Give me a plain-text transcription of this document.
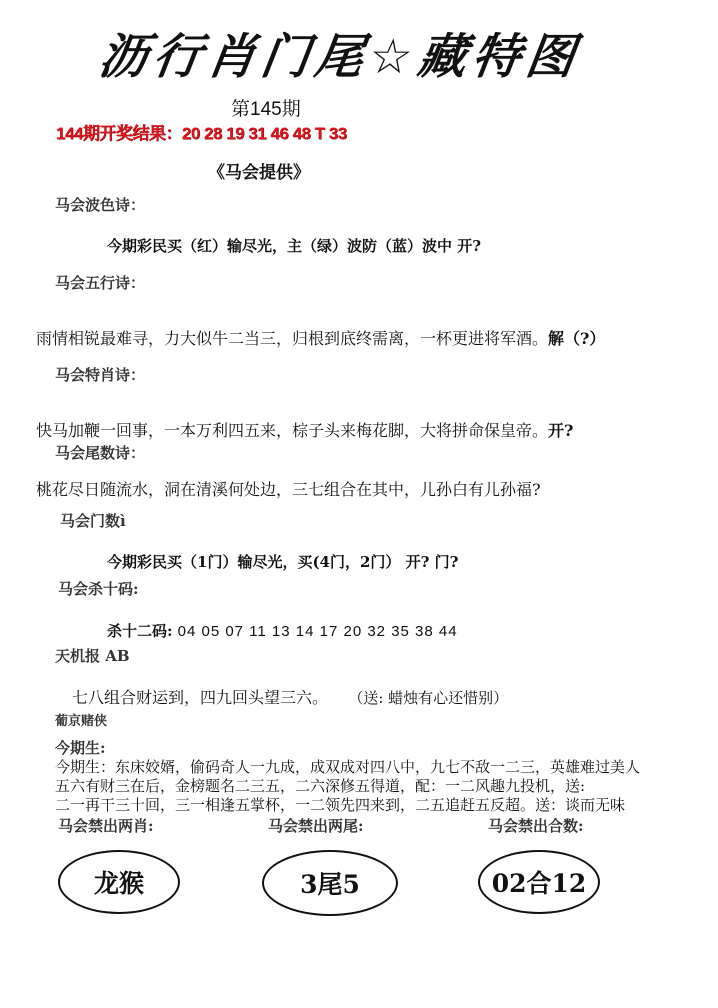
沥行肖门尾☆藏特图
第145期
144期开奖结果：20 28 19 31 46 48 T 33
《马会提供》
马会波色诗：
今期彩民买（红）输尽光，主（绿）波防（蓝）波中 开?
马会五行诗：
雨情相锐最难寻，力大似牛二当三，归根到底终需离，一杯更进将军酒。解（?）
马会特肖诗：
快马加鞭一回事，一本万利四五来，棕子头来梅花脚，大将拼命保皇帝。开?
马会尾数诗：
桃花尽日随流水，洞在清溪何处边，三七组合在其中，儿孙白有儿孙福?
马会门数ì
今期彩民买（1门）输尽光，买(4门，2门） 开? 门?
马会杀十码:
杀十二码: 04 05 07 11 13 14 17 20 32 35 38 44
天机报 AB
七八组合财运到，四九回头望三六。 （送: 蜡烛有心还惜别）
葡京赌侠
今期生:
今期生：东床姣婿，偷码奇人一九成，成双成对四八中，九七不敌一二三，英雄难过美人
五六有财三在后，金榜题名二三五，二六深修五得道，配：一二风趣九投机，送:
二一再干三十回，三一相逢五掌杯，一二领先四来到，二五追赶五反超。送：谈而无味
马会禁出两肖:	马会禁出两尾:	马会禁出合数:
龙猴	3尾5	02合12
